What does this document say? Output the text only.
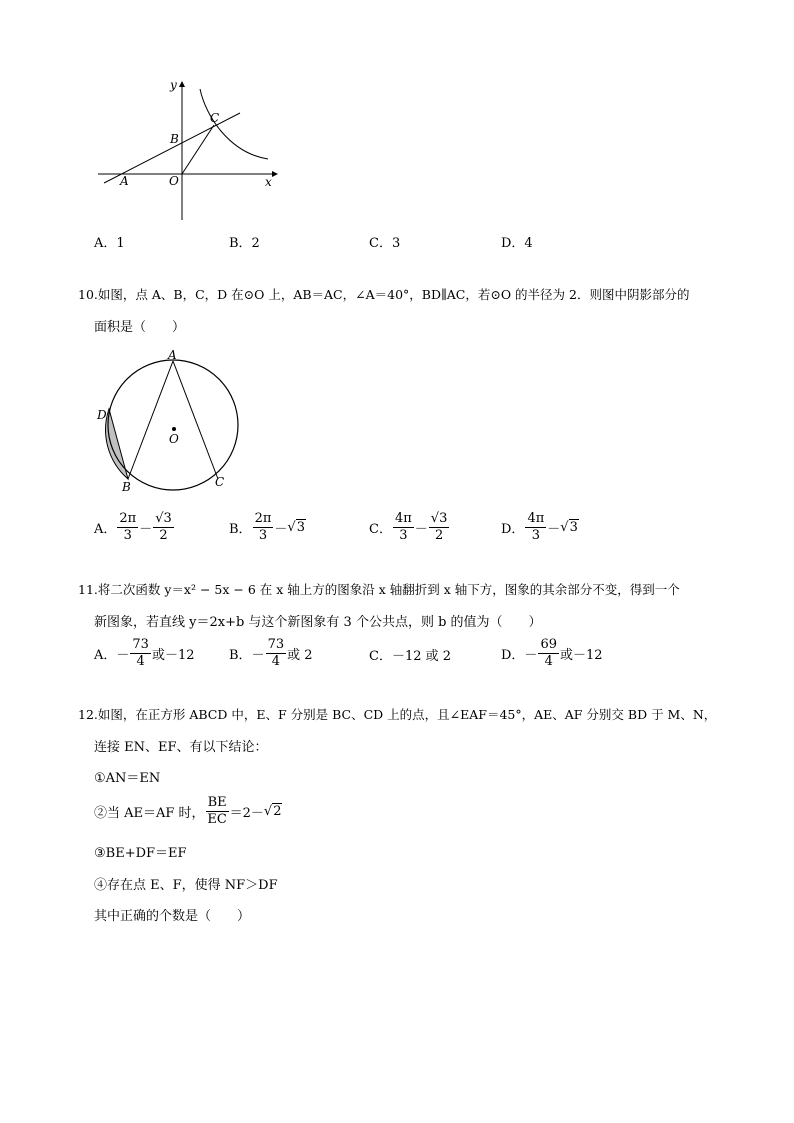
y
x
A	O
B
C
A．1	B．2	C．3	D．4
10.如图，点 A、B，C，D 在⊙O 上，AB＝AC，∠A＝40°，BD∥AC，若⊙O 的半径为 2．则图中阴影部分的
面积是（　　）
A
D
O
B	C
A． $\frac{2\pi}{3} - \frac{√3}{2}$	B． $\frac{2\pi}{3} - √3$	C． $\frac{4\pi}{3} - \frac{√3}{2}$	D． $\frac{4\pi}{3} - √3$
11.将二次函数 y＝x² − 5x − 6 在 x 轴上方的图象沿 x 轴翻折到 x 轴下方，图象的其余部分不变，得到一个
新图象，若直线 y＝2x+b 与这个新图象有 3 个公共点，则 b 的值为（　　）
A．－ $\frac{73}{4}$ 或－12	B．－ $\frac{73}{4}$ 或 2	C．－12 或 2	D．－ $\frac{69}{4}$ 或－12
12.如图，在正方形 ABCD 中，E、F 分别是 BC、CD 上的点，且∠EAF＝45°，AE、AF 分别交 BD 于 M、N，
连接 EN、EF、有以下结论：
①AN＝EN
②当 AE＝AF 时， $\frac{BE}{EC} =2- √2$
③BE+DF＝EF
④存在点 E、F，使得 NF＞DF
其中正确的个数是（　　）
